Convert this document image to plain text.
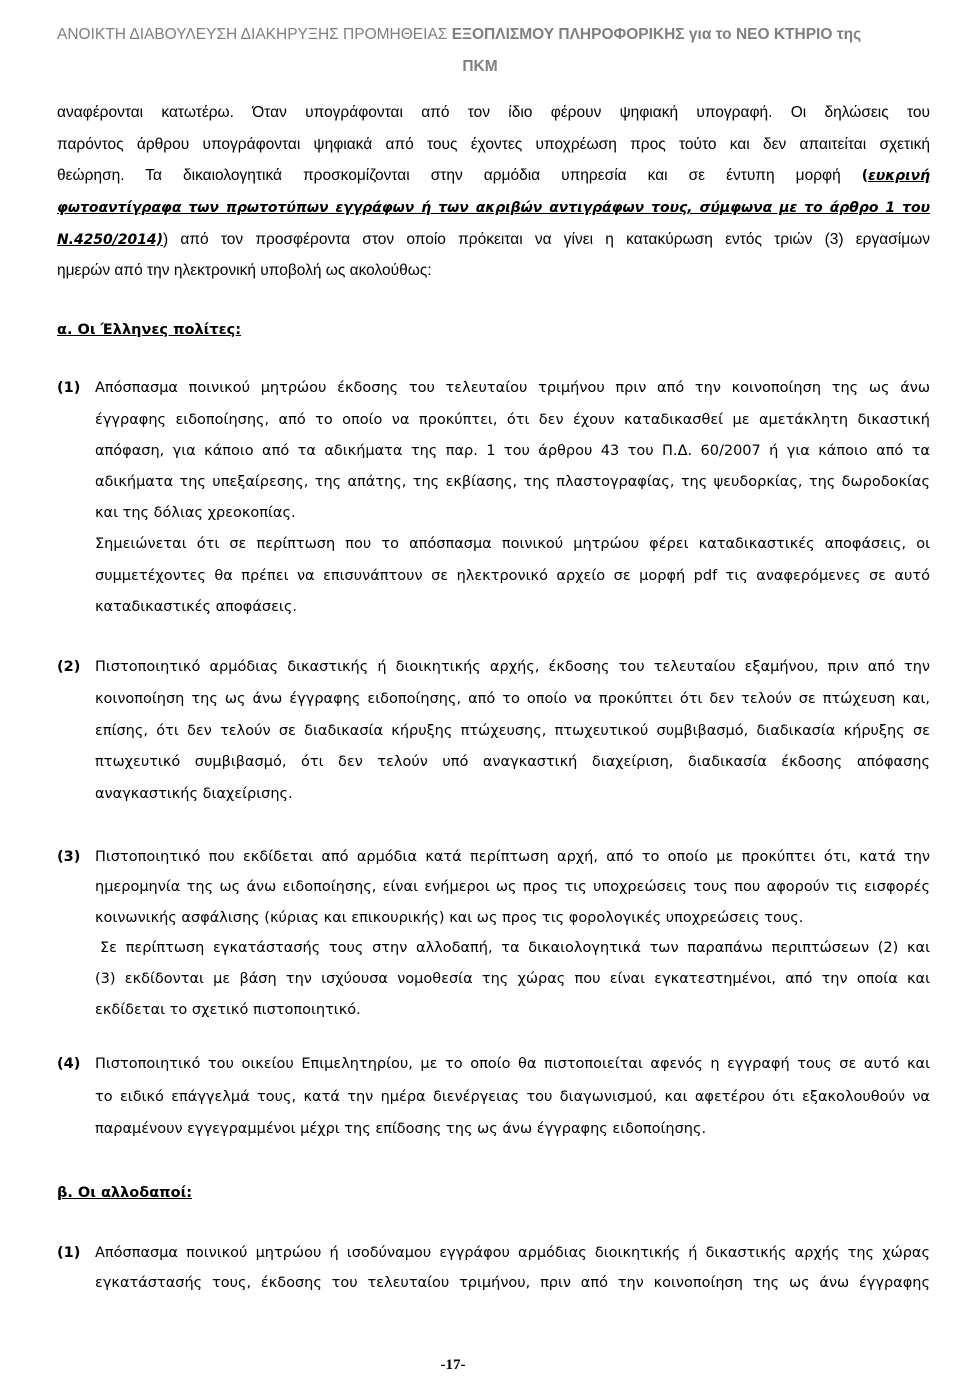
ΑΝΟΙΚΤΗ ΔΙΑΒΟΥΛΕΥΣΗ ΔΙΑΚΗΡΥΞΗΣ ΠΡΟΜΗΘΕΙΑΣ ΕΞΟΠΛΙΣΜΟΥ ΠΛΗΡΟΦΟΡΙΚΗΣ για το ΝΕΟ ΚΤΗΡΙΟ της
ΠΚΜ
αναφέρονται κατωτέρω. Όταν υπογράφονται από τον ίδιο φέρουν ψηφιακή υπογραφή. Οι δηλώσεις του
παρόντος άρθρου υπογράφονται ψηφιακά από τους έχοντες υποχρέωση προς τούτο και δεν απαιτείται σχετική
θεώρηση. Τα δικαιολογητικά προσκομίζονται στην αρμόδια υπηρεσία και σε έντυπη μορφή (ευκρινή
φωτοαντίγραφα των πρωτοτύπων εγγράφων ή των ακριβών αντιγράφων τους, σύμφωνα με το άρθρο 1 του
Ν.4250/2014)) από τον προσφέροντα στον οποίο πρόκειται να γίνει η κατακύρωση εντός τριών (3) εργασίμων
ημερών από την ηλεκτρονική υποβολή ως ακολούθως:
α. Οι Έλληνες πολίτες:
(1) Απόσπασμα ποινικού μητρώου έκδοσης του τελευταίου τριμήνου πριν από την κοινοποίηση της ως άνω
έγγραφης ειδοποίησης, από το οποίο να προκύπτει, ότι δεν έχουν καταδικασθεί με αμετάκλητη δικαστική
απόφαση, για κάποιο από τα αδικήματα της παρ. 1 του άρθρου 43 του Π.Δ. 60/2007 ή για κάποιο από τα
αδικήματα της υπεξαίρεσης, της απάτης, της εκβίασης, της πλαστογραφίας, της ψευδορκίας, της δωροδοκίας
και της δόλιας χρεοκοπίας.
Σημειώνεται ότι σε περίπτωση που το απόσπασμα ποινικού μητρώου φέρει καταδικαστικές αποφάσεις, οι
συμμετέχοντες θα πρέπει να επισυνάπτουν σε ηλεκτρονικό αρχείο σε μορφή pdf τις αναφερόμενες σε αυτό
καταδικαστικές αποφάσεις.
(2) Πιστοποιητικό αρμόδιας δικαστικής ή διοικητικής αρχής, έκδοσης του τελευταίου εξαμήνου, πριν από την
κοινοποίηση της ως άνω έγγραφης ειδοποίησης, από το οποίο να προκύπτει ότι δεν τελούν σε πτώχευση και,
επίσης, ότι δεν τελούν σε διαδικασία κήρυξης πτώχευσης, πτωχευτικού συμβιβασμό, διαδικασία κήρυξης σε
πτωχευτικό συμβιβασμό, ότι δεν τελούν υπό αναγκαστική διαχείριση, διαδικασία έκδοσης απόφασης
αναγκαστικής διαχείρισης.
(3) Πιστοποιητικό που εκδίδεται από αρμόδια κατά περίπτωση αρχή, από το οποίο με προκύπτει ότι, κατά την
ημερομηνία της ως άνω ειδοποίησης, είναι ενήμεροι ως προς τις υποχρεώσεις τους που αφορούν τις εισφορές
κοινωνικής ασφάλισης (κύριας και επικουρικής) και ως προς τις φορολογικές υποχρεώσεις τους.
Σε περίπτωση εγκατάστασής τους στην αλλοδαπή, τα δικαιολογητικά των παραπάνω περιπτώσεων (2) και
(3) εκδίδονται με βάση την ισχύουσα νομοθεσία της χώρας που είναι εγκατεστημένοι, από την οποία και
εκδίδεται το σχετικό πιστοποιητικό.
(4) Πιστοποιητικό του οικείου Επιμελητηρίου, με το οποίο θα πιστοποιείται αφενός η εγγραφή τους σε αυτό και
το ειδικό επάγγελμά τους, κατά την ημέρα διενέργειας του διαγωνισμού, και αφετέρου ότι εξακολουθούν να
παραμένουν εγγεγραμμένοι μέχρι της επίδοσης της ως άνω έγγραφης ειδοποίησης.
β. Οι αλλοδαποί:
(1) Απόσπασμα ποινικού μητρώου ή ισοδύναμου εγγράφου αρμόδιας διοικητικής ή δικαστικής αρχής της χώρας
εγκατάστασής τους, έκδοσης του τελευταίου τριμήνου, πριν από την κοινοποίηση της ως άνω έγγραφης
-17-
